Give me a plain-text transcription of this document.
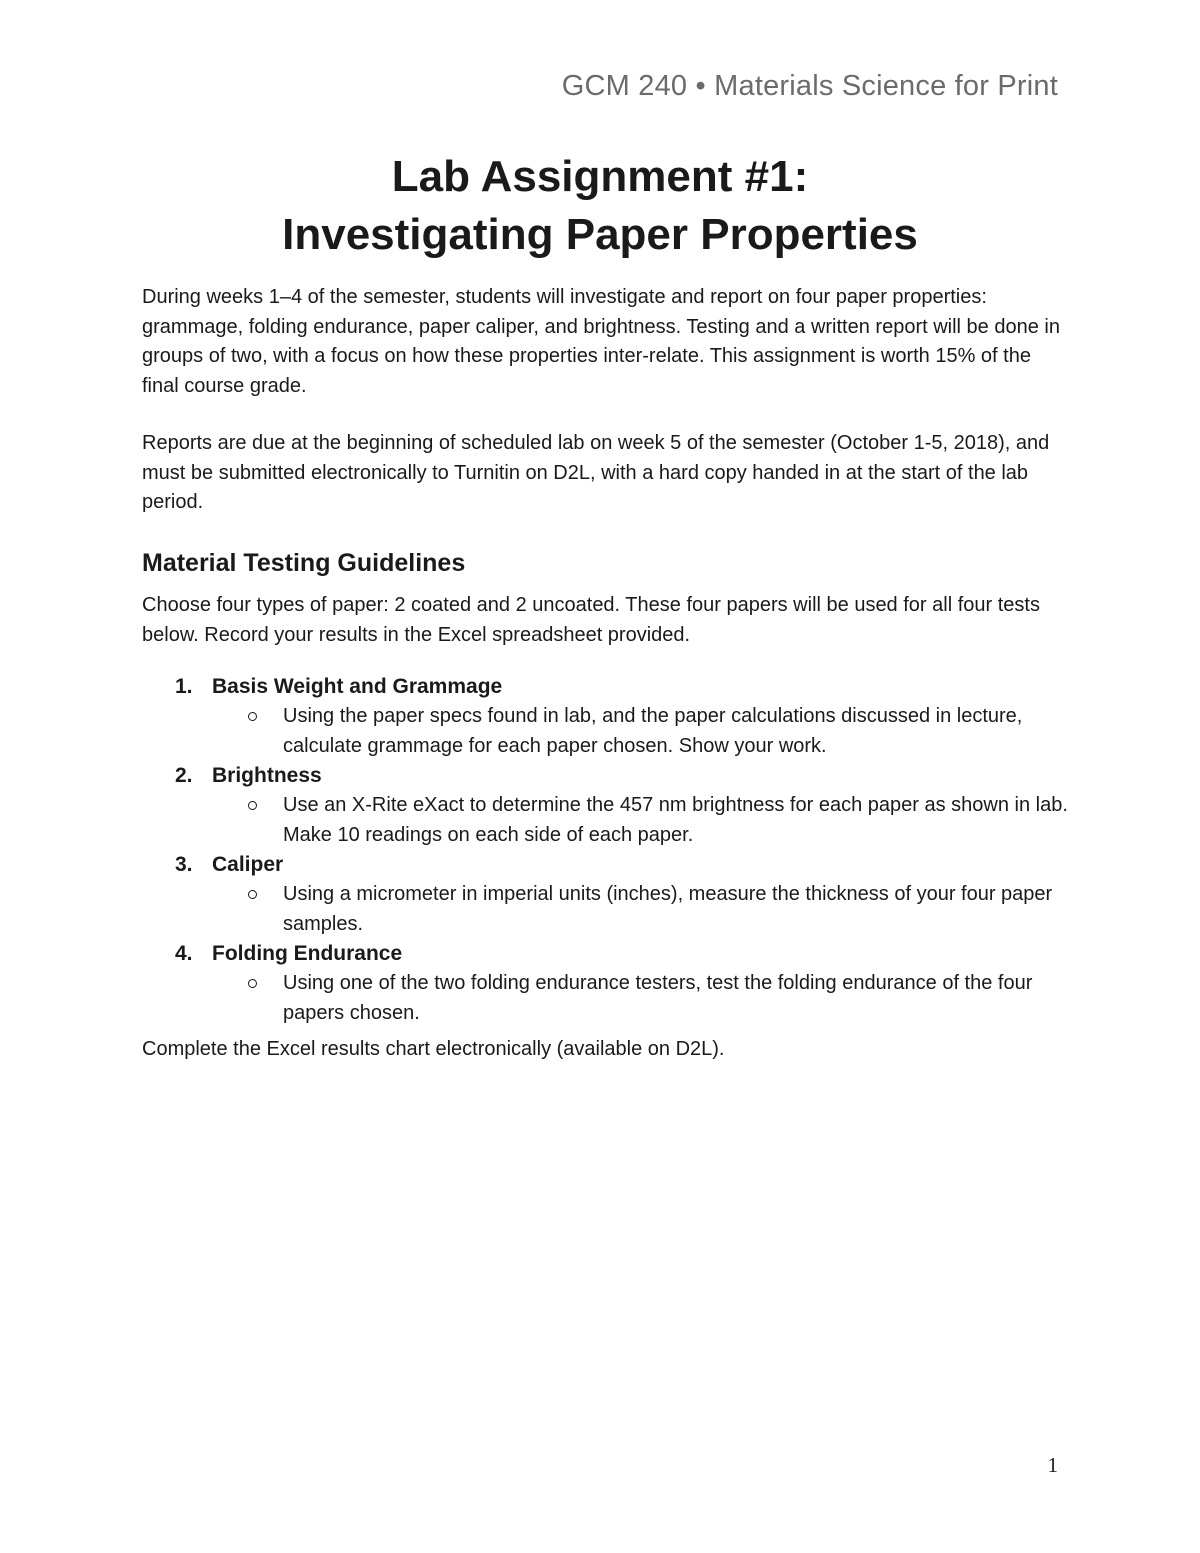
GCM 240 • Materials Science for Print
Lab Assignment #1:
Investigating Paper Properties

During weeks 1–4 of the semester, students will investigate and report on four paper properties: grammage, folding endurance, paper caliper, and brightness. Testing and a written report will be done in groups of two, with a focus on how these properties inter-relate. This assignment is worth 15% of the final course grade.

Reports are due at the beginning of scheduled lab on week 5 of the semester (October 1-5, 2018), and must be submitted electronically to Turnitin on D2L, with a hard copy handed in at the start of the lab period.

Material Testing Guidelines

Choose four types of paper: 2 coated and 2 uncoated. These four papers will be used for all four tests below. Record your results in the Excel spreadsheet provided.

1. Basis Weight and Grammage
Using the paper specs found in lab, and the paper calculations discussed in lecture, calculate grammage for each paper chosen. Show your work.
2. Brightness
Use an X-Rite eXact to determine the 457 nm brightness for each paper as shown in lab. Make 10 readings on each side of each paper.
3. Caliper
Using a micrometer in imperial units (inches), measure the thickness of your four paper samples.
4. Folding Endurance
Using one of the two folding endurance testers, test the folding endurance of the four papers chosen.
Complete the Excel results chart electronically (available on D2L).
1
